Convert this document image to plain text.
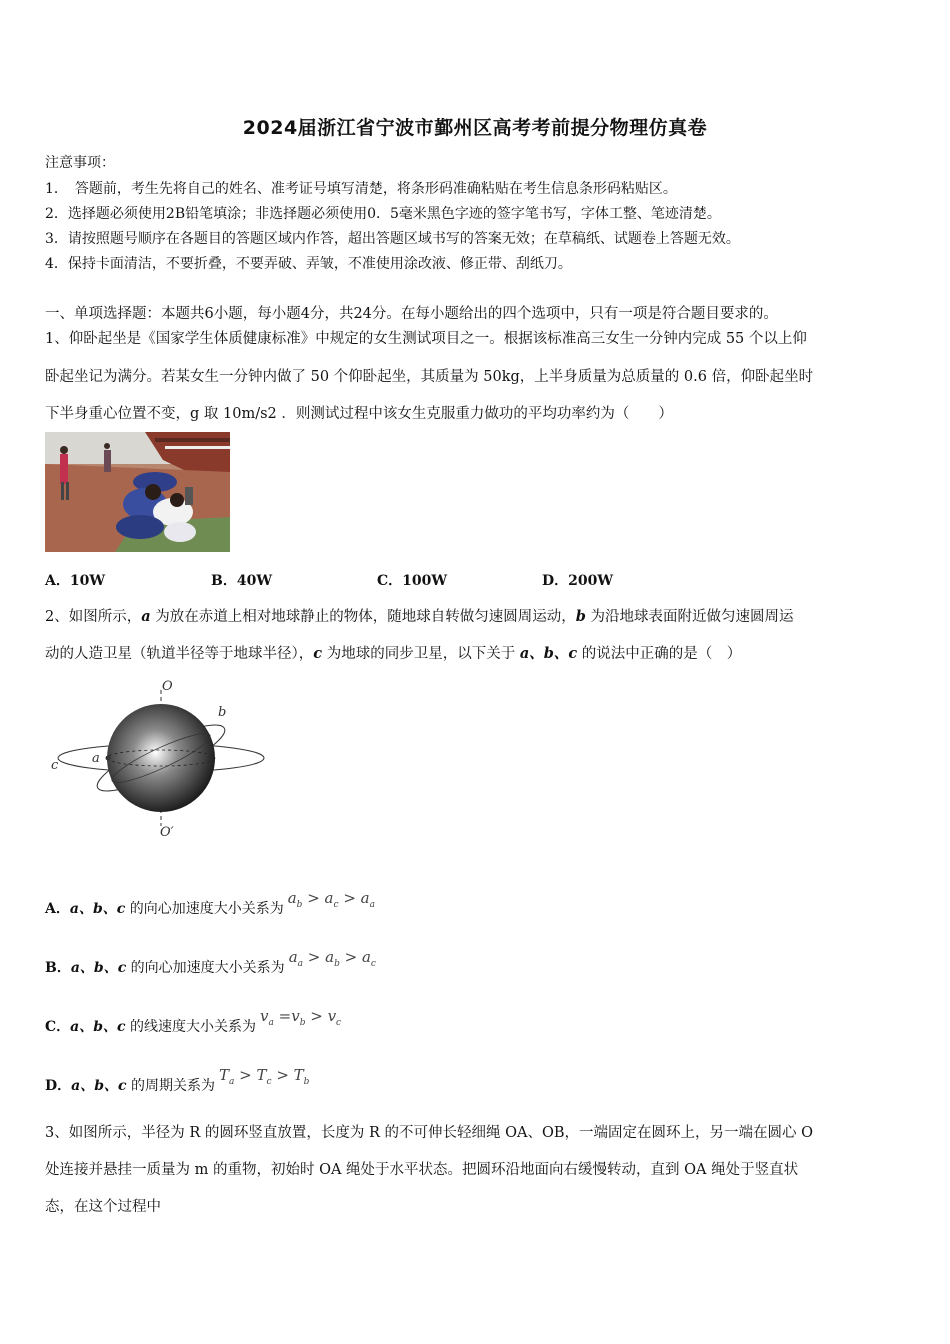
2024届浙江省宁波市鄞州区高考考前提分物理仿真卷
注意事项：
1．　答题前，考生先将自己的姓名、准考证号填写清楚，将条形码准确粘贴在考生信息条形码粘贴区。
2．选择题必须使用2B铅笔填涂；非选择题必须使用0．5毫米黑色字迹的签字笔书写，字体工整、笔迹清楚。
3．请按照题号顺序在各题目的答题区域内作答，超出答题区域书写的答案无效；在草稿纸、试题卷上答题无效。
4．保持卡面清洁，不要折叠，不要弄破、弄皱，不准使用涂改液、修正带、刮纸刀。
一、单项选择题：本题共6小题，每小题4分，共24分。在每小题给出的四个选项中，只有一项是符合题目要求的。
1、仰卧起坐是《国家学生体质健康标准》中规定的女生测试项目之一。根据该标准高三女生一分钟内完成 55 个以上仰
卧起坐记为满分。若某女生一分钟内做了 50 个仰卧起坐，其质量为 50kg，上半身质量为总质量的 0.6 倍，仰卧起坐时
下半身重心位置不变，g 取 10m/s2 ．则测试过程中该女生克服重力做功的平均功率约为（　　）
A．10W	B．40W	C．100W	D．200W
2、如图所示，a 为放在赤道上相对地球静止的物体，随地球自转做匀速圆周运动，b 为沿地球表面附近做匀速圆周运
动的人造卫星（轨道半径等于地球半径），c 为地球的同步卫星，以下关于 a、b、c 的说法中正确的是（　）
O
O′
b
c	a
A．a、b、c 的向心加速度大小关系为$a_b > a_c > a_a$
B．a、b、c 的向心加速度大小关系为$a_a > a_b > a_c$
C．a、b、c 的线速度大小关系为$v_a =v_b > v_c$
D．a、b、c 的周期关系为$T_a > T_c > T_b$
3、如图所示，半径为 R 的圆环竖直放置，长度为 R 的不可伸长轻细绳 OA、OB，一端固定在圆环上，另一端在圆心 O
处连接并悬挂一质量为 m 的重物，初始时 OA 绳处于水平状态。把圆环沿地面向右缓慢转动，直到 OA 绳处于竖直状
态，在这个过程中
